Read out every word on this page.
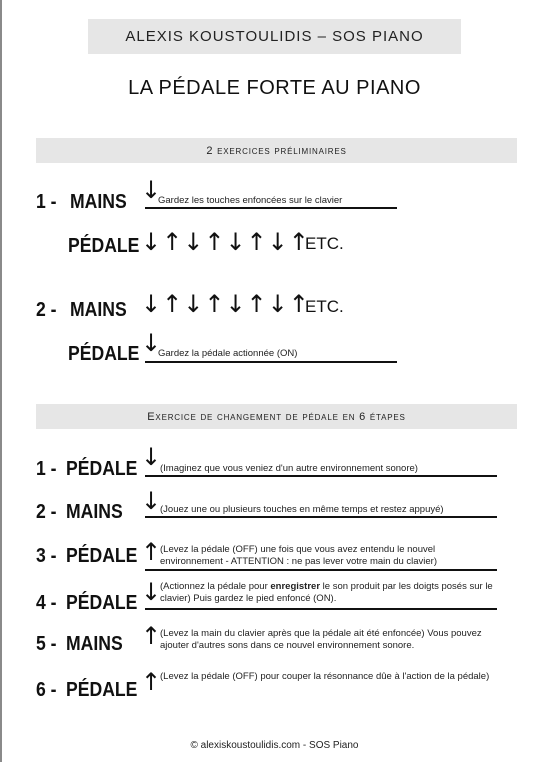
ALEXIS KOUSTOULIDIS – SOS PIANO
LA PÉDALE FORTE AU PIANO
2 exercices préliminaires
1 - MAINS ↓
Gardez les touches enfoncées sur le clavier
PÉDALE ↓↑↓↑↓↑↓↑
ETC.
2 - MAINS ↓↑↓↑↓↑↓↑
ETC.
PÉDALE ↓
Gardez la pédale actionnée (ON)
Exercice de changement de pédale en 6 étapes
1 - PÉDALE ↓
(Imaginez que vous veniez d'un autre environnement sonore)
2 - MAINS ↓
(Jouez une ou plusieurs touches en même temps et restez appuyé)
3 - PÉDALE ↑
(Levez la pédale (OFF) une fois que vous avez entendu le nouvel environnement - ATTENTION : ne pas lever votre main du clavier)
4 - PÉDALE ↓
(Actionnez la pédale pour enregistrer le son produit par les doigts posés sur le clavier) Puis gardez le pied enfoncé (ON).
5 - MAINS ↑
(Levez la main du clavier après que la pédale ait été enfoncée) Vous pouvez ajouter d'autres sons dans ce nouvel environnement sonore.
6 - PÉDALE ↑
(Levez la pédale (OFF) pour couper la résonnance dûe à l'action de la pédale)
© alexiskoustoulidis.com - SOS Piano
